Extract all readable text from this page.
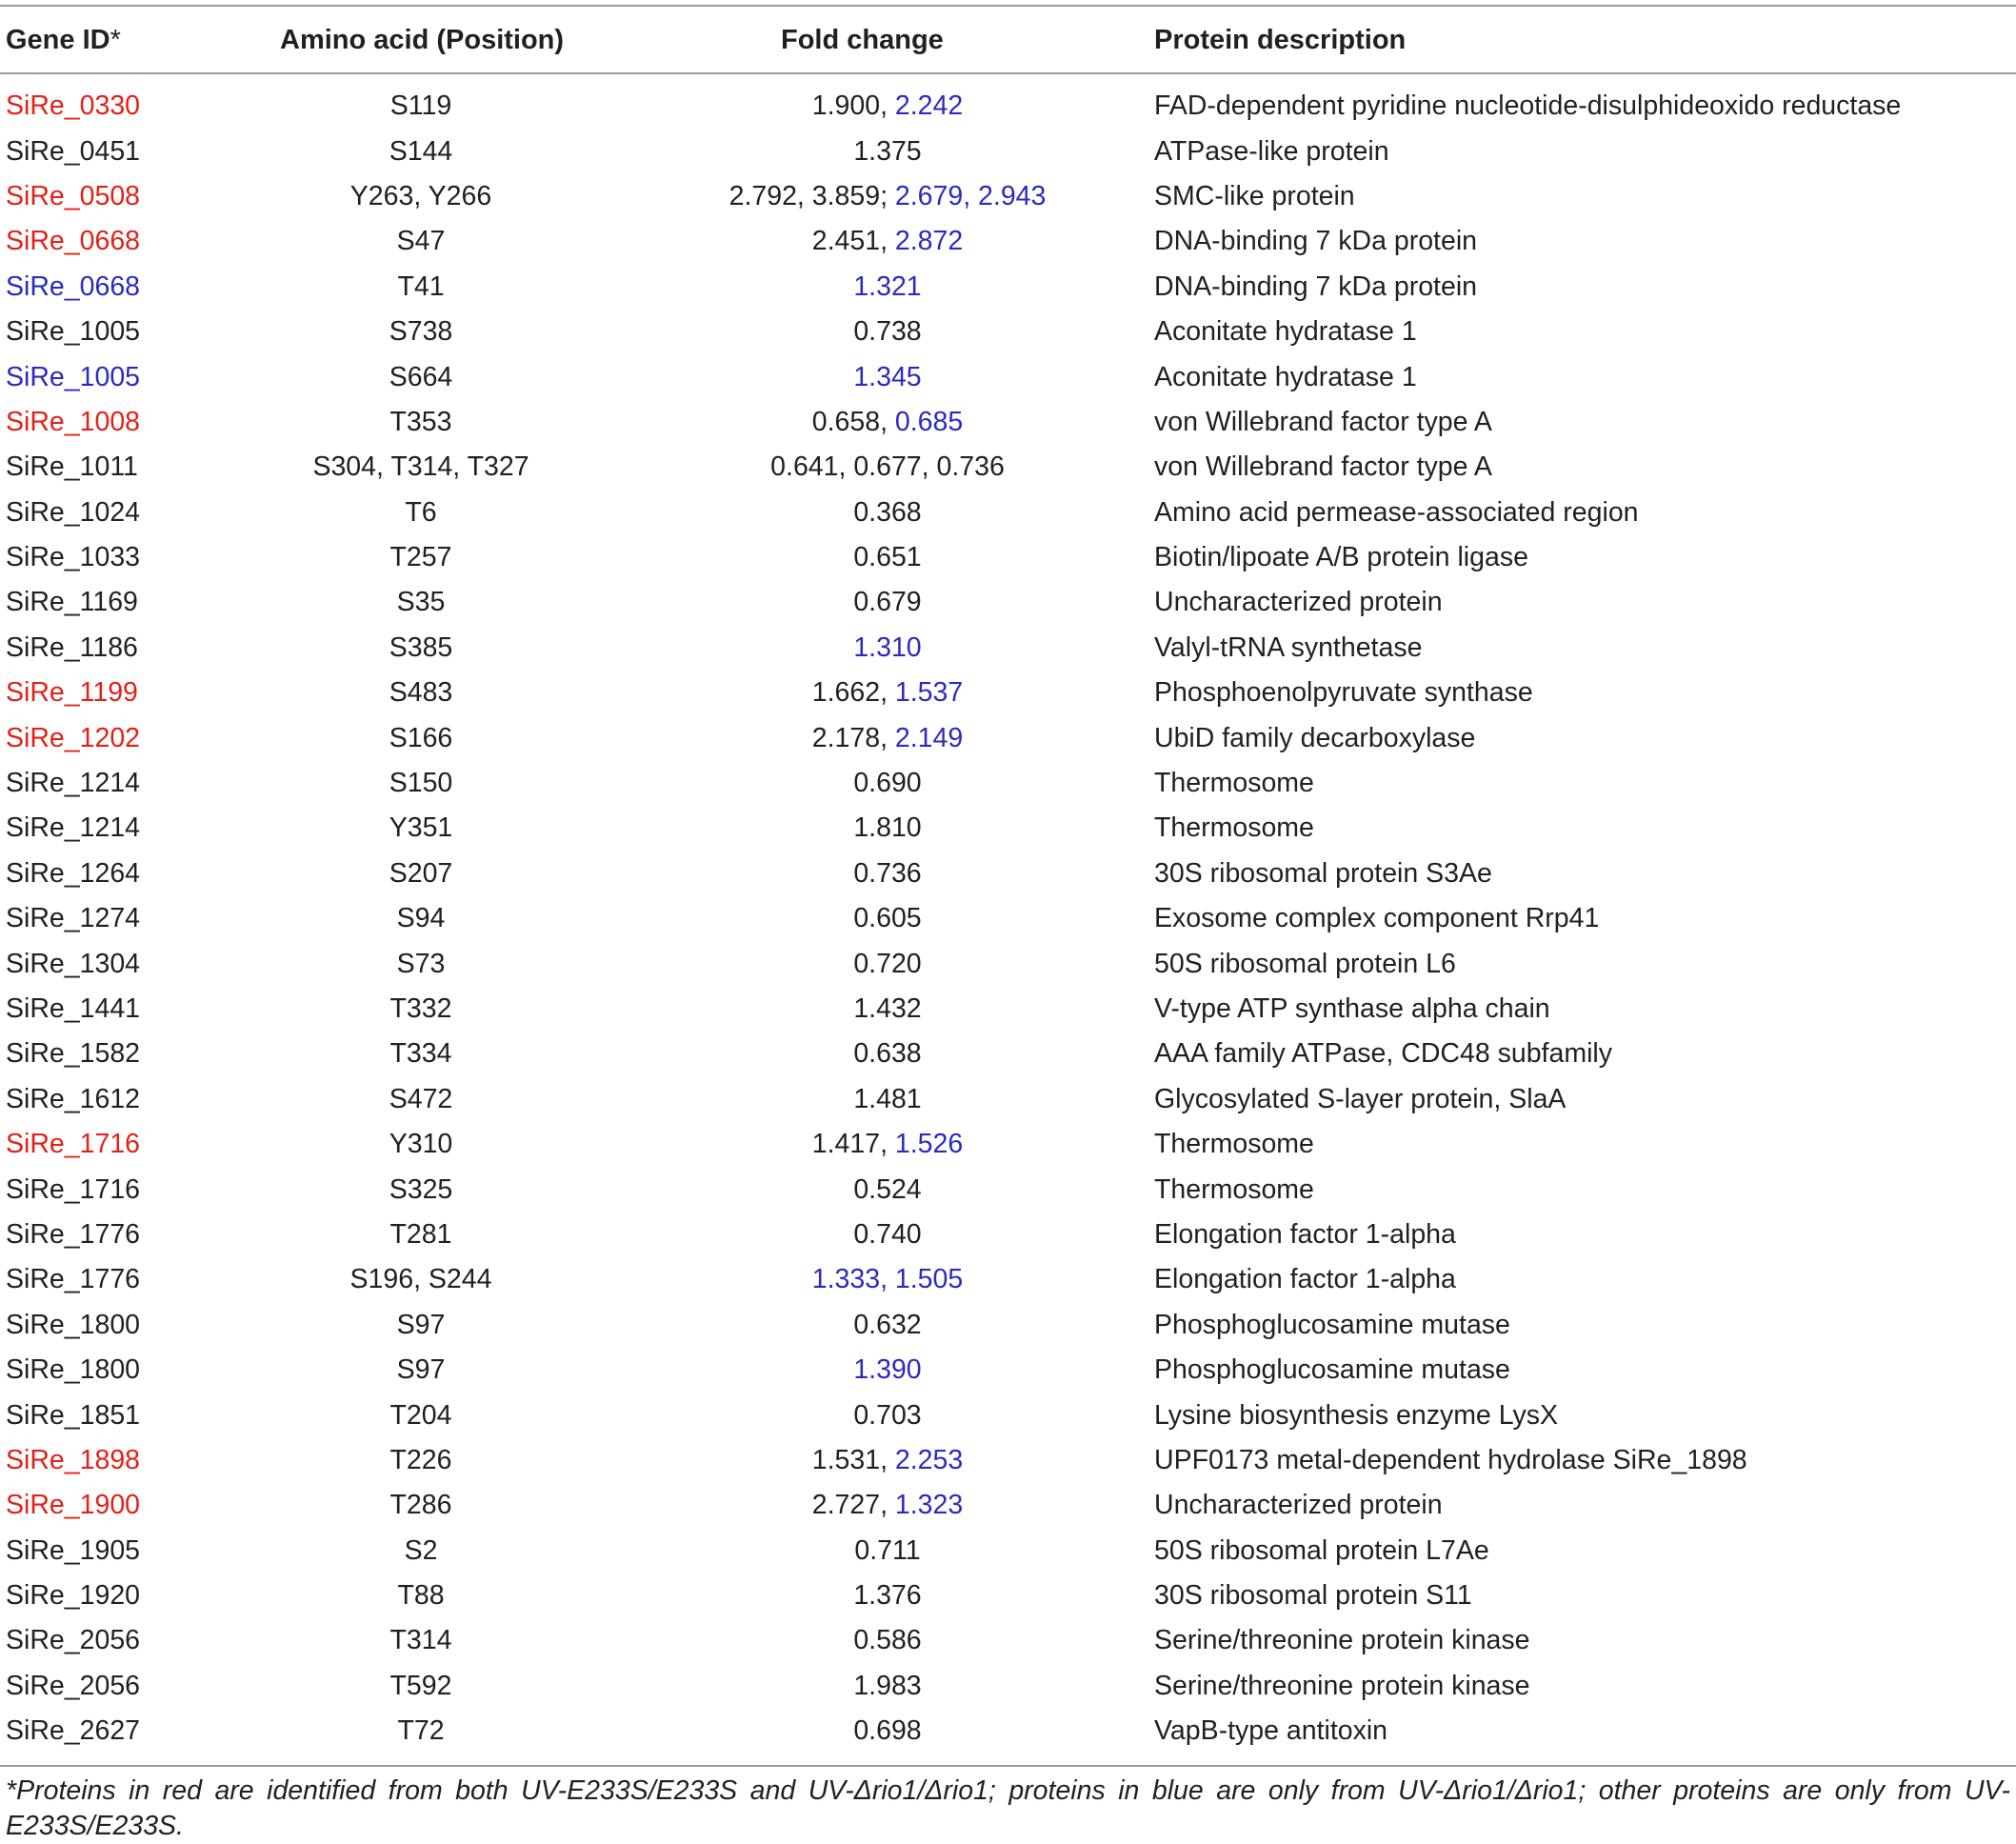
Gene ID*	Amino acid (Position)	Fold change	Protein description

SiRe_0330	S119	1.900, 2.242	FAD-dependent pyridine nucleotide-disulphideoxido reductase
SiRe_0451	S144	1.375	ATPase-like protein
SiRe_0508	Y263, Y266	2.792, 3.859; 2.679, 2.943	SMC-like protein
SiRe_0668	S47	2.451, 2.872	DNA-binding 7 kDa protein
SiRe_0668	T41	1.321	DNA-binding 7 kDa protein
SiRe_1005	S738	0.738	Aconitate hydratase 1
SiRe_1005	S664	1.345	Aconitate hydratase 1
SiRe_1008	T353	0.658, 0.685	von Willebrand factor type A
SiRe_1011	S304, T314, T327	0.641, 0.677, 0.736	von Willebrand factor type A
SiRe_1024	T6	0.368	Amino acid permease-associated region
SiRe_1033	T257	0.651	Biotin/lipoate A/B protein ligase
SiRe_1169	S35	0.679	Uncharacterized protein
SiRe_1186	S385	1.310	Valyl-tRNA synthetase
SiRe_1199	S483	1.662, 1.537	Phosphoenolpyruvate synthase
SiRe_1202	S166	2.178, 2.149	UbiD family decarboxylase
SiRe_1214	S150	0.690	Thermosome
SiRe_1214	Y351	1.810	Thermosome
SiRe_1264	S207	0.736	30S ribosomal protein S3Ae
SiRe_1274	S94	0.605	Exosome complex component Rrp41
SiRe_1304	S73	0.720	50S ribosomal protein L6
SiRe_1441	T332	1.432	V-type ATP synthase alpha chain
SiRe_1582	T334	0.638	AAA family ATPase, CDC48 subfamily
SiRe_1612	S472	1.481	Glycosylated S-layer protein, SlaA
SiRe_1716	Y310	1.417, 1.526	Thermosome
SiRe_1716	S325	0.524	Thermosome
SiRe_1776	T281	0.740	Elongation factor 1-alpha
SiRe_1776	S196, S244	1.333, 1.505	Elongation factor 1-alpha
SiRe_1800	S97	0.632	Phosphoglucosamine mutase
SiRe_1800	S97	1.390	Phosphoglucosamine mutase
SiRe_1851	T204	0.703	Lysine biosynthesis enzyme LysX
SiRe_1898	T226	1.531, 2.253	UPF0173 metal-dependent hydrolase SiRe_1898
SiRe_1900	T286	2.727, 1.323	Uncharacterized protein
SiRe_1905	S2	0.711	50S ribosomal protein L7Ae
SiRe_1920	T88	1.376	30S ribosomal protein S11
SiRe_2056	T314	0.586	Serine/threonine protein kinase
SiRe_2056	T592	1.983	Serine/threonine protein kinase
SiRe_2627	T72	0.698	VapB-type antitoxin
*Proteins in red are identified from both UV-E233S/E233S and UV-Δrio1/Δrio1; proteins in blue are only from UV-Δrio1/Δrio1; other proteins are only from UV-E233S/E233S.
